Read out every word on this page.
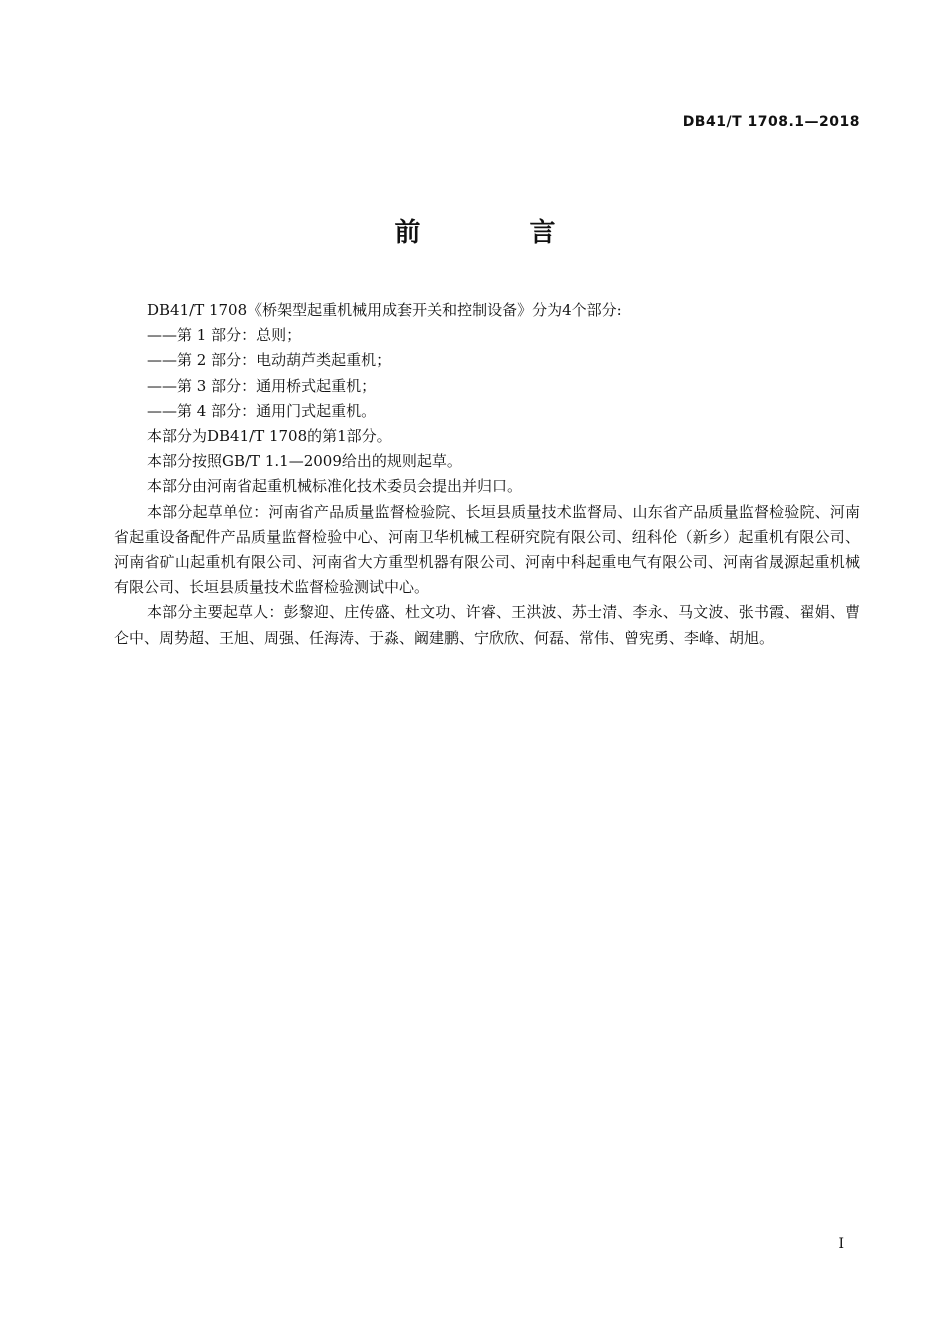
DB41/T 1708.1—2018
前 言

DB41/T 1708《桥架型起重机械用成套开关和控制设备》分为4个部分:

——第 1 部分：总则；

——第 2 部分：电动葫芦类起重机；

——第 3 部分：通用桥式起重机；

——第 4 部分：通用门式起重机。

本部分为DB41/T 1708的第1部分。

本部分按照GB/T 1.1—2009给出的规则起草。

本部分由河南省起重机械标准化技术委员会提出并归口。

本部分起草单位：河南省产品质量监督检验院、长垣县质量技术监督局、山东省产品质量监督检验院、河南省起重设备配件产品质量监督检验中心、河南卫华机械工程研究院有限公司、纽科伦（新乡）起重机有限公司、河南省矿山起重机有限公司、河南省大方重型机器有限公司、河南中科起重电气有限公司、河南省晟源起重机械有限公司、长垣县质量技术监督检验测试中心。

本部分主要起草人：彭黎迎、庄传盛、杜文功、许睿、王洪波、苏士清、李永、马文波、张书霞、翟娟、曹仑中、周势超、王旭、周强、任海涛、于淼、阚建鹏、宁欣欣、何磊、常伟、曾宪勇、李峰、胡旭。

I
